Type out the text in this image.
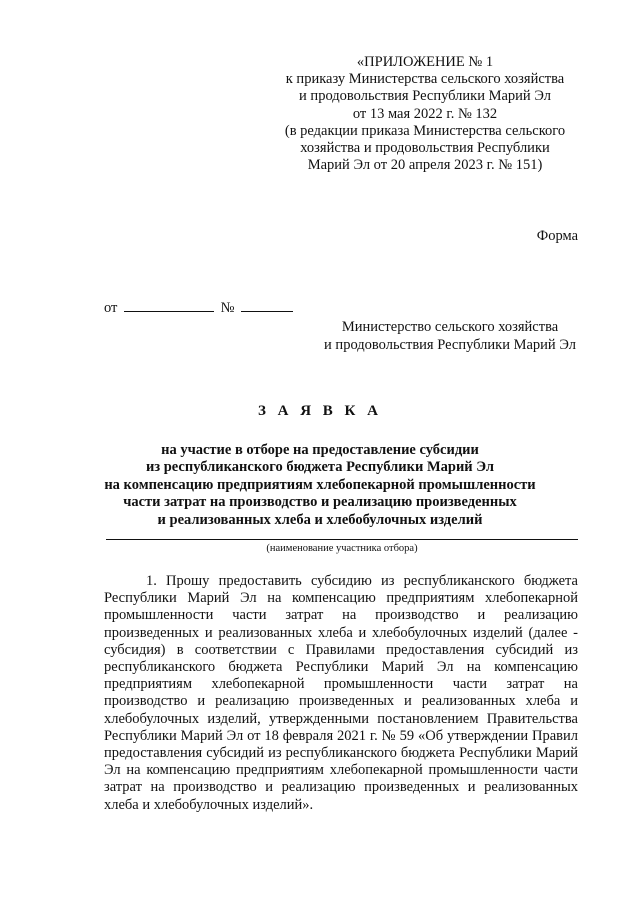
«ПРИЛОЖЕНИЕ № 1
к приказу Министерства сельского хозяйства
и продовольствия Республики Марий Эл
от 13 мая 2022 г. № 132
(в редакции приказа Министерства сельского
хозяйства и продовольствия Республики
Марий Эл от 20 апреля 2023 г. № 151)
Форма
от	№
Министерство сельского хозяйства
и продовольствия Республики Марий Эл
З А Я В К А
на участие в отборе на предоставление субсидии
из республиканского бюджета Республики Марий Эл
на компенсацию предприятиям хлебопекарной промышленности
части затрат на производство и реализацию произведенных
и реализованных хлеба и хлебобулочных изделий
(наименование участника отбора)
1. Прошу предоставить субсидию из республиканского бюджета Республики Марий Эл на компенсацию предприятиям хлебопекарной промышленности части затрат на производство и реализацию произведенных и реализованных хлеба и хлебобулочных изделий (далее - субсидия) в соответствии с Правилами предоставления субсидий из республиканского бюджета Республики Марий Эл на компенсацию предприятиям хлебопекарной промышленности части затрат на производство и реализацию произведенных и реализованных хлеба и хлебобулочных изделий, утвержденными постановлением Правительства Республики Марий Эл от 18 февраля 2021 г. № 59 «Об утверждении Правил предоставления субсидий из республиканского бюджета Республики Марий Эл на компенсацию предприятиям хлебопекарной промышленности части затрат на производство и реализацию произведенных и реализованных хлеба и хлебобулочных изделий».
